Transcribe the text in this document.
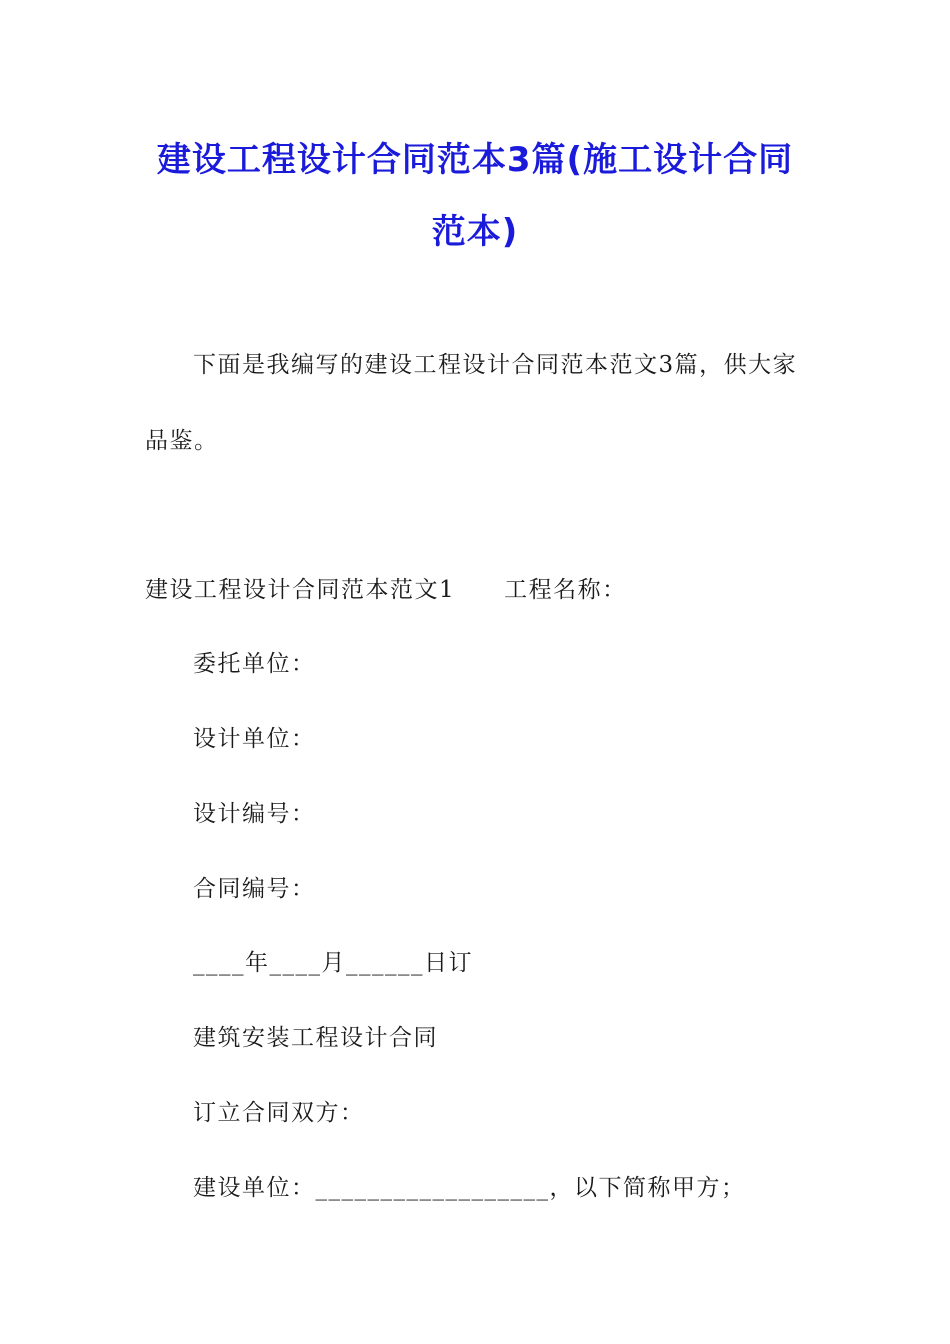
建设工程设计合同范本3篇(施工设计合同
范本)
下面是我编写的建设工程设计合同范本范文3篇，供大家
品鉴。
建设工程设计合同范本范文1　　工程名称：
委托单位：
设计单位：
设计编号：
合同编号：
____年____月______日订
建筑安装工程设计合同
订立合同双方：
建设单位：__________________，以下简称甲方；
